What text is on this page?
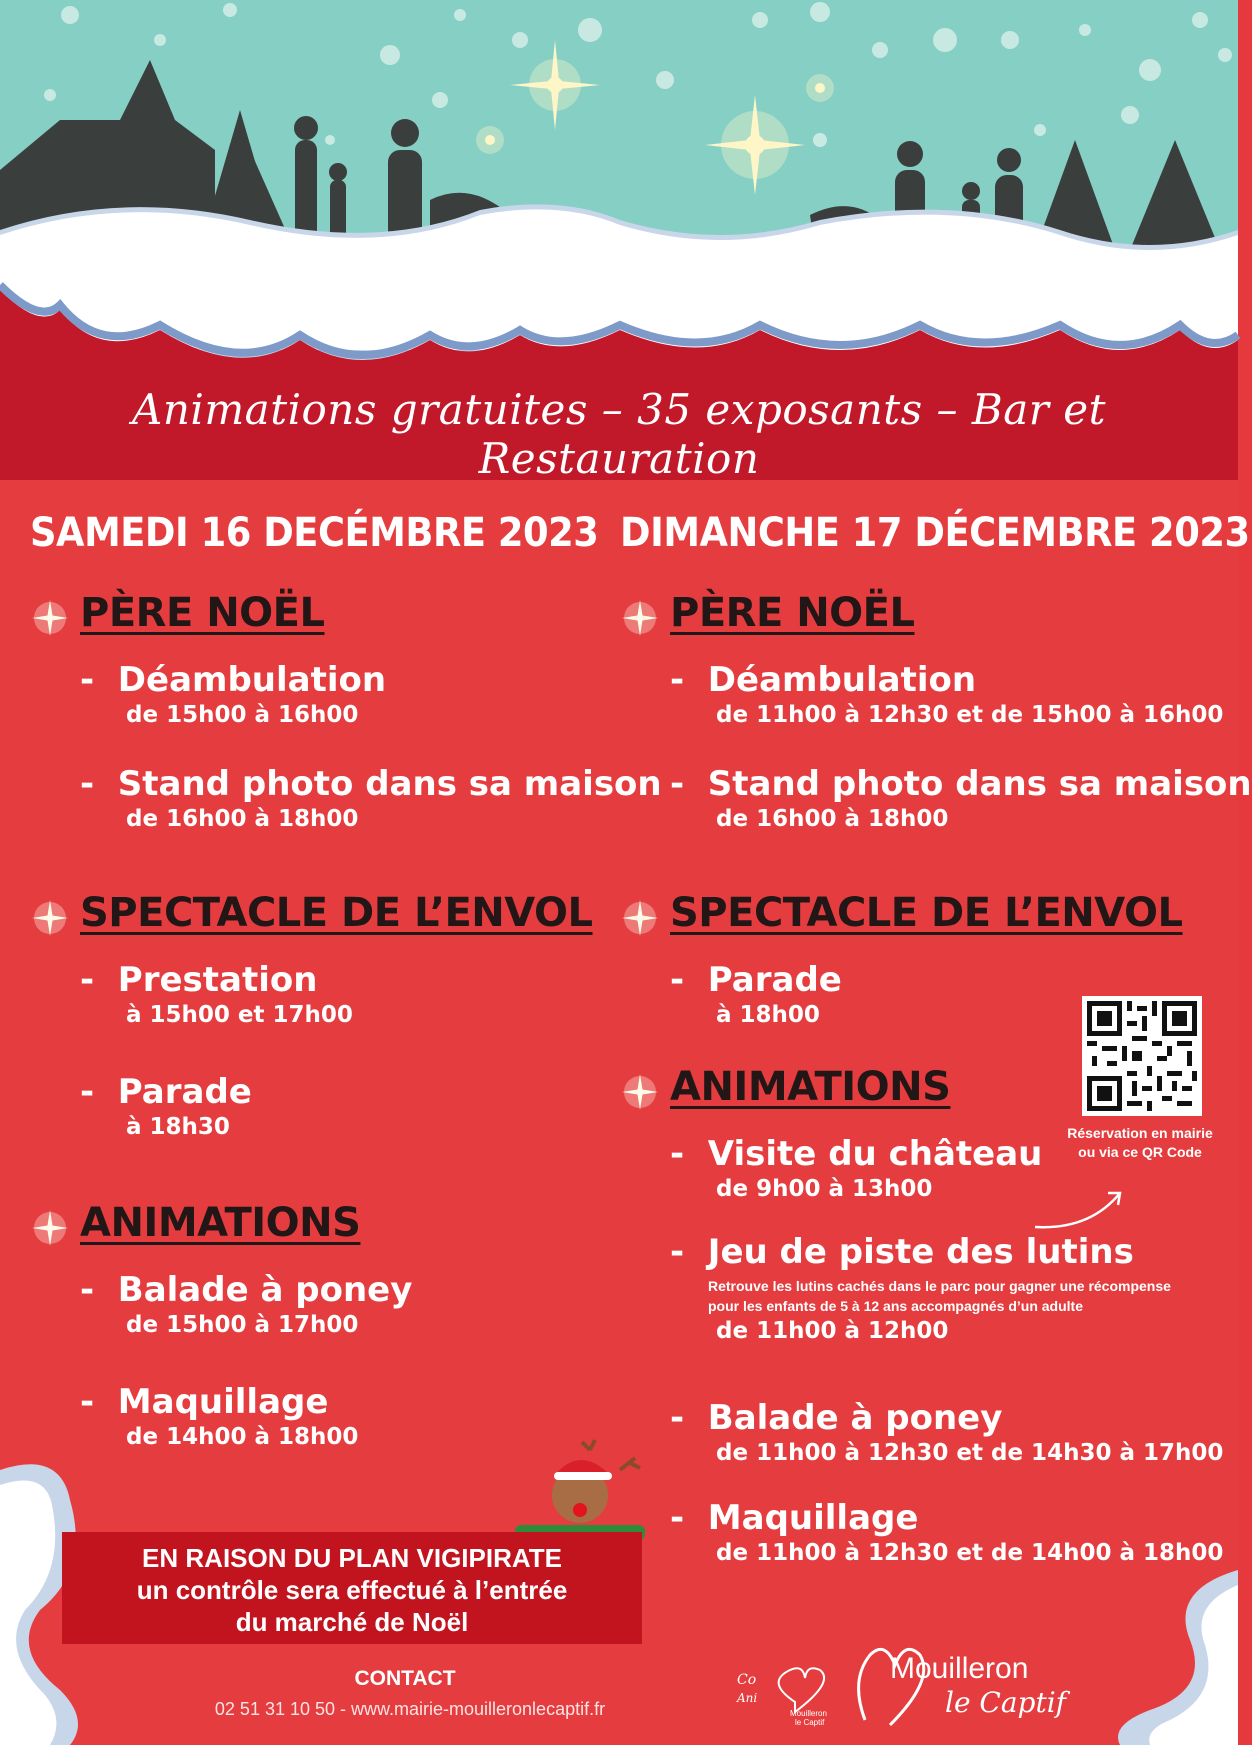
Animations gratuites – 35 exposants – Bar et Restauration
SAMEDI 16 DECÉMBRE 2023
PÈRE NOËL
- Déambulation
de 15h00 à 16h00
- Stand photo dans sa maison
de 16h00 à 18h00
SPECTACLE DE L’ENVOL
- Prestation
à 15h00 et 17h00
- Parade
à 18h30
ANIMATIONS
- Balade à poney
de 15h00 à 17h00
- Maquillage
de 14h00 à 18h00
DIMANCHE 17 DÉCEMBRE 2023
PÈRE NOËL
- Déambulation
de 11h00 à 12h30 et de 15h00 à 16h00
- Stand photo dans sa maison
de 16h00 à 18h00
SPECTACLE DE L’ENVOL
- Parade
à 18h00
ANIMATIONS
- Visite du château
de 9h00 à 13h00
- Jeu de piste des lutins
Retrouve les lutins cachés dans le parc pour gagner une récompense
pour les enfants de 5 à 12 ans accompagnés d’un adulte
de 11h00 à 12h00
- Balade à poney
de 11h00 à 12h30 et de 14h30 à 17h00
- Maquillage
de 11h00 à 12h30 et de 14h00 à 18h00
Réservation en mairie
ou via ce QR Code
EN RAISON DU PLAN VIGIPIRATE
un contrôle sera effectué à l’entrée
du marché de Noël
CONTACT
02 51 31 10 50 - www.mairie-mouilleronlecaptif.fr
Co
Ani
Mouilleron
le Captif
Mouilleron
le Captif
